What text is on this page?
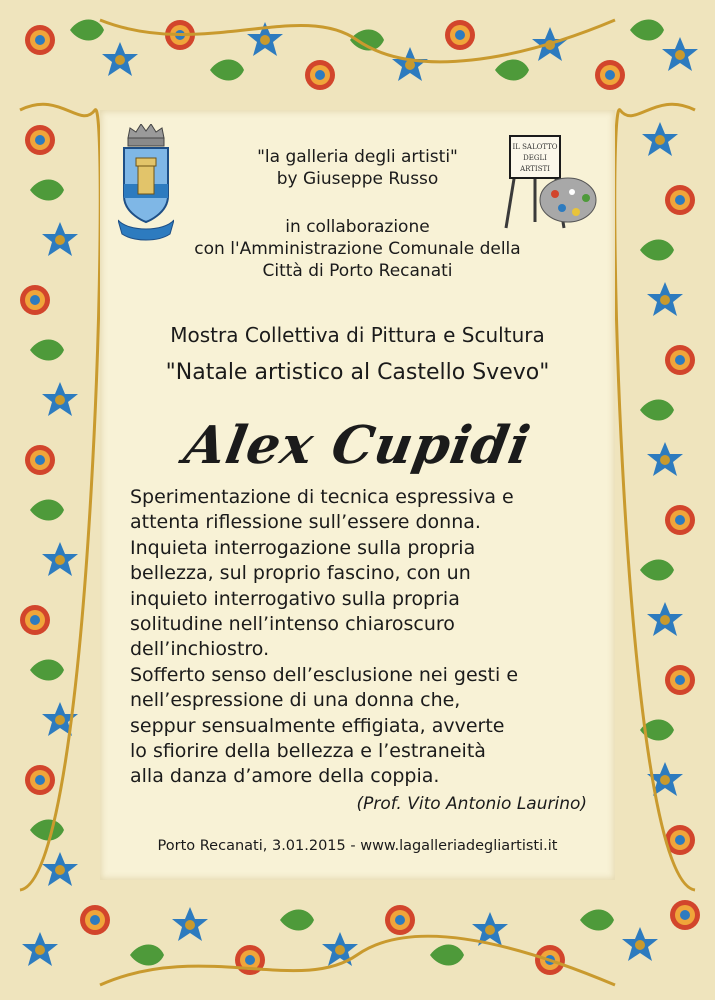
IL SALOTTO
DEGLI
ARTISTI
"la galleria degli artisti"
by Giuseppe Russo
in collaborazione
con l'Amministrazione Comunale della
Città di Porto Recanati
Mostra Collettiva di Pittura e Scultura
"Natale artistico al Castello Svevo"
Alex Cupidi
Sperimentazione di tecnica espressiva e
attenta riflessione sull’essere donna.
Inquieta interrogazione sulla propria
bellezza, sul proprio fascino, con un
inquieto interrogativo sulla propria
solitudine nell’intenso chiaroscuro
dell’inchiostro.
Sofferto senso dell’esclusione nei gesti e
nell’espressione di una donna che,
seppur sensualmente effigiata, avverte
lo sfiorire della bellezza e l’estraneità
alla danza d’amore della coppia.
(Prof. Vito Antonio Laurino)
Porto Recanati, 3.01.2015 - www.lagalleriadegliartisti.it
